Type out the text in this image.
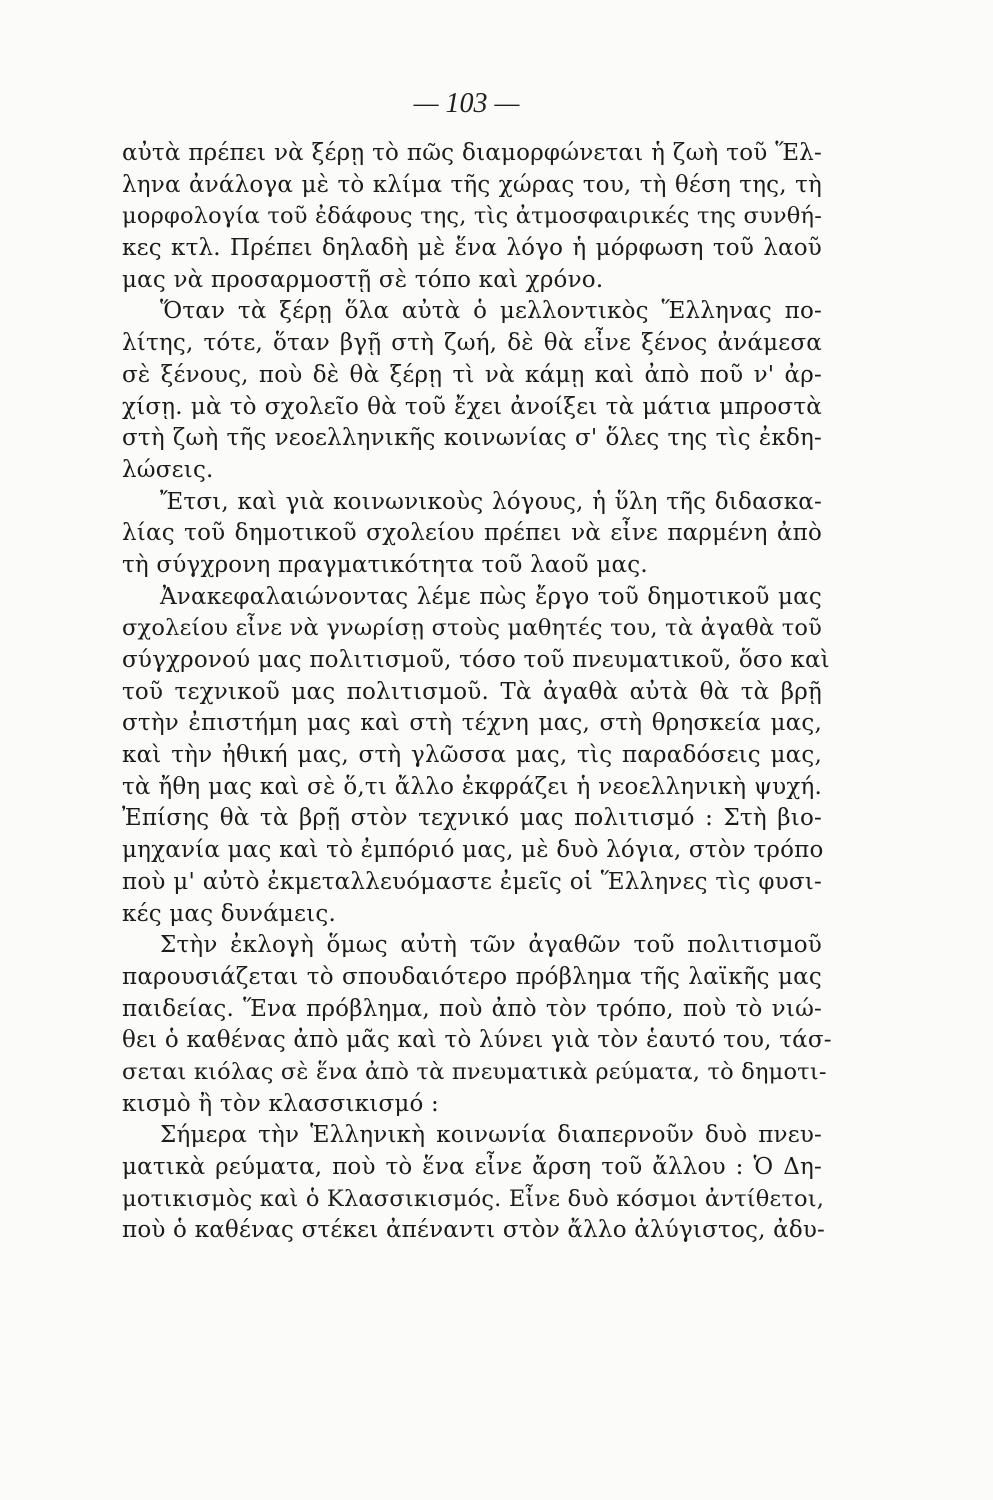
— 103 —
αὐτὰ πρέπει νὰ ξέρῃ τὸ πῶς διαμορφώνεται ἡ ζωὴ τοῦ Ἕλ-
ληνα ἀνάλογα μὲ τὸ κλίμα τῆς χώρας του, τὴ θέση της, τὴ
μορφολογία τοῦ ἐδάφους της, τὶς ἀτμοσφαιρικές της συνθή-
κες κτλ. Πρέπει δηλαδὴ μὲ ἕνα λόγο ἡ μόρφωση τοῦ λαοῦ
μας νὰ προσαρμοστῇ σὲ τόπο καὶ χρόνο.
Ὅταν τὰ ξέρῃ ὅλα αὐτὰ ὁ μελλοντικὸς Ἕλληνας πο-
λίτης, τότε, ὅταν βγῇ στὴ ζωή, δὲ θὰ εἶνε ξένος ἀνάμεσα
σὲ ξένους, ποὺ δὲ θὰ ξέρῃ τὶ νὰ κάμῃ καὶ ἀπὸ ποῦ ν' ἀρ-
χίσῃ. μὰ τὸ σχολεῖο θὰ τοῦ ἔχει ἀνοίξει τὰ μάτια μπροστὰ
στὴ ζωὴ τῆς νεοελληνικῆς κοινωνίας σ' ὅλες της τὶς ἐκδη-
λώσεις.
Ἔτσι, καὶ γιὰ κοινωνικοὺς λόγους, ἡ ὕλη τῆς διδασκα-
λίας τοῦ δημοτικοῦ σχολείου πρέπει νὰ εἶνε παρμένη ἀπὸ
τὴ σύγχρονη πραγματικότητα τοῦ λαοῦ μας.
Ἀνακεφαλαιώνοντας λέμε πὼς ἔργο τοῦ δημοτικοῦ μας
σχολείου εἶνε νὰ γνωρίσῃ στοὺς μαθητές του, τὰ ἀγαθὰ τοῦ
σύγχρονού μας πολιτισμοῦ, τόσο τοῦ πνευματικοῦ, ὅσο καὶ
τοῦ τεχνικοῦ μας πολιτισμοῦ. Τὰ ἀγαθὰ αὐτὰ θὰ τὰ βρῇ
στὴν ἐπιστήμη μας καὶ στὴ τέχνη μας, στὴ θρησκεία μας,
καὶ τὴν ἠθική μας, στὴ γλῶσσα μας, τὶς παραδόσεις μας,
τὰ ἤθη μας καὶ σὲ ὅ,τι ἄλλο ἐκφράζει ἡ νεοελληνικὴ ψυχή.
Ἐπίσης θὰ τὰ βρῇ στὸν τεχνικό μας πολιτισμό : Στὴ βιο-
μηχανία μας καὶ τὸ ἐμπόριό μας, μὲ δυὸ λόγια, στὸν τρόπο
ποὺ μ' αὐτὸ ἐκμεταλλευόμαστε ἐμεῖς οἱ Ἕλληνες τὶς φυσι-
κές μας δυνάμεις.
Στὴν ἐκλογὴ ὅμως αὐτὴ τῶν ἀγαθῶν τοῦ πολιτισμοῦ
παρουσιάζεται τὸ σπουδαιότερο πρόβλημα τῆς λαϊκῆς μας
παιδείας. Ἕνα πρόβλημα, ποὺ ἀπὸ τὸν τρόπο, ποὺ τὸ νιώ-
θει ὁ καθένας ἀπὸ μᾶς καὶ τὸ λύνει γιὰ τὸν ἑαυτό του, τάσ-
σεται κιόλας σὲ ἕνα ἀπὸ τὰ πνευματικὰ ρεύματα, τὸ δημοτι-
κισμὸ ἢ τὸν κλασσικισμό :
Σήμερα τὴν Ἑλληνικὴ κοινωνία διαπερνοῦν δυὸ πνευ-
ματικὰ ρεύματα, ποὺ τὸ ἕνα εἶνε ἄρση τοῦ ἄλλου : Ὁ Δη-
μοτικισμὸς καὶ ὁ Κλασσικισμός. Εἶνε δυὸ κόσμοι ἀντίθετοι,
ποὺ ὁ καθένας στέκει ἀπέναντι στὸν ἄλλο ἀλύγιστος, ἀδυ-
